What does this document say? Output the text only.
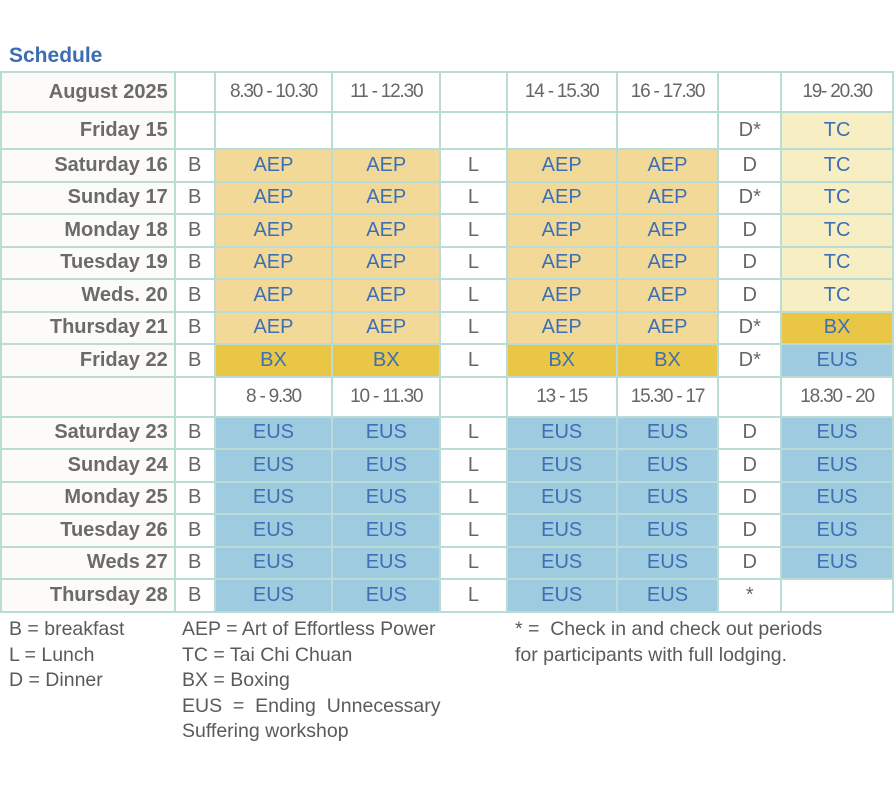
Schedule
August 2025		8.30 - 10.30	11 - 12.30		14 - 15.30	16 - 17.30		19- 20.30
Friday 15							D*	TC
Saturday 16	B	AEP	AEP	L	AEP	AEP	D	TC
Sunday 17	B	AEP	AEP	L	AEP	AEP	D*	TC
Monday 18	B	AEP	AEP	L	AEP	AEP	D	TC
Tuesday 19	B	AEP	AEP	L	AEP	AEP	D	TC
Weds. 20	B	AEP	AEP	L	AEP	AEP	D	TC
Thursday 21	B	AEP	AEP	L	AEP	AEP	D*	BX
Friday 22	B	BX	BX	L	BX	BX	D*	EUS
		8 - 9.30	10 - 11.30		13 - 15	15.30 - 17		18.30 - 20
Saturday 23	B	EUS	EUS	L	EUS	EUS	D	EUS
Sunday 24	B	EUS	EUS	L	EUS	EUS	D	EUS
Monday 25	B	EUS	EUS	L	EUS	EUS	D	EUS
Tuesday 26	B	EUS	EUS	L	EUS	EUS	D	EUS
Weds 27	B	EUS	EUS	L	EUS	EUS	D	EUS
Thursday 28	B	EUS	EUS	L	EUS	EUS	*	
B = breakfast
L = Lunch
D = Dinner
AEP = Art of Effortless Power
TC = Tai Chi Chuan
BX = Boxing
EUS  =  Ending  Unnecessary
Suffering workshop
* =  Check in and check out periods
for participants with full lodging.
